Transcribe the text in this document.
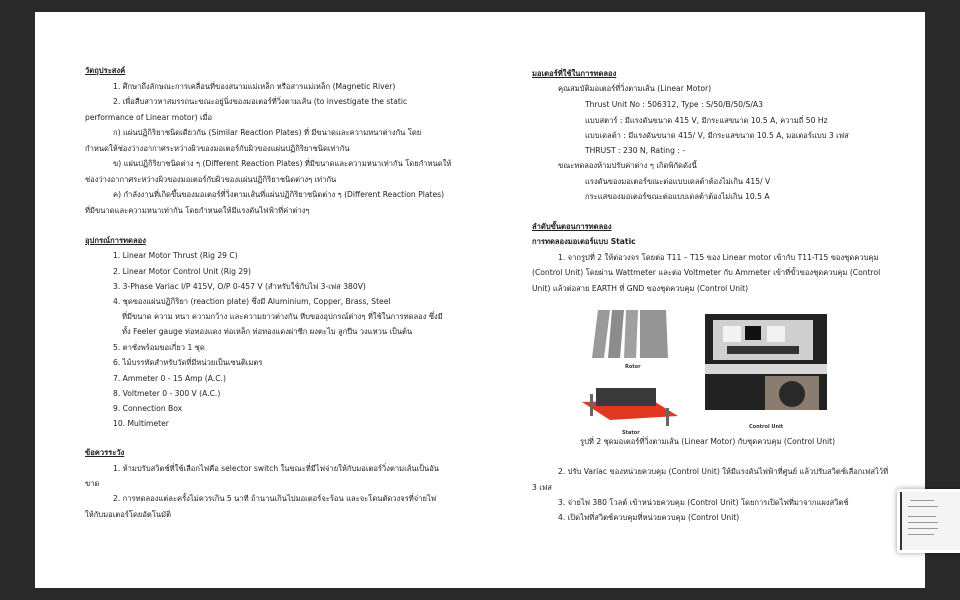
วัตถุประสงค์
1. ศึกษาถึงลักษณะการเคลื่อนที่ของสนามแม่เหล็ก หรือสารแม่เหล็ก (Magnetic River)
2. เพื่อสืบสาวหาสมรรถนะขณะอยู่นิ่งของมอเตอร์ที่วิ่งตามเส้น (to investigate the static
performance of Linear motor) เมื่อ
ก) แผ่นปฏิกิริยาชนิดเดียวกัน (Similar Reaction Plates) ที่ มีขนาดและความหนาต่างกัน โดย
กำหนดให้ช่องว่างอากาศระหว่างผิวของมอเตอร์กับผิวของแผ่นปฏิกิริยาชนิดเท่ากัน
ข) แผ่นปฏิกิริยาชนิดต่าง ๆ (Different Reaction Plates) ที่มีขนาดและความหนาเท่ากัน โดยกำหนดให้
ช่องว่างอากาศระหว่างผิวของมอเตอร์กับผิวของแผ่นปฏิกิริยาชนิดต่างๆ เท่ากัน
ค) กำลังงานที่เกิดขึ้นของมอเตอร์ที่วิ่งตามเส้นที่แผ่นปฏิกิริยาชนิดต่าง ๆ (Different Reaction Plates)
ที่มีขนาดและความหนาเท่ากัน โดยกำหนดให้มีแรงดันไฟฟ้าที่ค่าต่างๆ
อุปกรณ์การทดลอง
1. Linear Motor Thrust (Rig 29 C)
2. Linear Motor Control Unit (Rig 29)
3. 3-Phase Variac I/P 415V, O/P 0-457 V (สำหรับใช้กับไฟ 3-เฟส 380V)
4. ชุดของแผ่นปฏิกิริยา (reaction plate) ซึ่งมี Aluminium, Copper, Brass, Steel
ที่มีขนาด ความ หนา ความกว้าง และความยาวต่างกัน หีบของอุปกรณ์ต่างๆ ที่ใช้ในการทดลอง ซึ่งมี
ทั้ง Feeler gauge ท่อทองแดง ท่อเหล็ก ท่อทองแดงผ่าซีก ผงตะไบ ลูกปืน วงแหวน เป็นต้น
5. ตาชั่งพร้อมขอเกี่ยว 1 ชุด
6. ไม้บรรทัดสำหรับวัดที่มีหน่วยเป็นเซนติเมตร
7. Ammeter 0 - 15 Amp (A.C.)
8. Voltmeter 0 - 300 V (A.C.)
9. Connection Box
10. Multimeter
ข้อควรระวัง
1. ห้ามปรับสวิตช์ที่ใช้เลือกไฟคือ selector switch ในขณะที่มีไฟจ่ายให้กับมอเตอร์วิ่งตามเส้นเป็นอัน
ขาด
2. การทดลองแต่ละครั้งไม่ควรเกิน 5 นาที ถ้านานเกินไปมอเตอร์จะร้อน และจะโดนตัดวงจรที่จ่ายไฟ
ให้กับมอเตอร์โดยอัตโนมัติ
มอเตอร์ที่ใช้ในการทดลอง
คุณสมบัติมอเตอร์ที่วิ่งตามเส้น (Linear Motor)
Thrust Unit No : 506312, Type : S/50/B/50/S/A3
แบบสตาร์ : มีแรงดันขนาด 415 V, มีกระแสขนาด 10.5 A, ความถี่ 50 Hz
แบบเดลต้า : มีแรงดันขนาด 415/ V, มีกระแสขนาด 10.5 A, มอเตอร์แบบ 3 เฟส
THRUST : 230 N, Rating : -
ขณะทดลองห้ามปรับค่าต่าง ๆ เกิดพิกัดดังนี้
แรงดันของมอเตอร์ขณะต่อแบบเดลต้าต้องไม่เกิน 415/ V
กระแสของมอเตอร์ขณะต่อแบบเดลต้าต้องไม่เกิน 10.5 A
ลำดับขั้นตอนการทดลอง
การทดลองมอเตอร์แบบ Static
1. จากรูปที่ 2 ให้ต่อวงจร โดยต่อ T11 – T15 ของ Linear motor เข้ากับ T11-T15 ของชุดควบคุม
(Control Unit) โดยผ่าน Wattmeter และต่อ Voltmeter กับ Ammeter เข้าที่ขั้วของชุดควบคุม (Control
Unit) แล้วต่อสาย EARTH ที่ GND ของชุดควบคุม (Control Unit)
Rotor
Stator
Control Unit
รูปที่ 2 ชุดมอเตอร์ที่วิ่งตามเส้น (Linear Motor) กับชุดควบคุม (Control Unit)
2. ปรับ Variac ของหน่วยควบคุม (Control Unit) ให้มีแรงดันไฟฟ้าที่ศูนย์ แล้วปรับสวิตช์เลือกเฟสไว้ที่
3 เฟส
3. จ่ายไฟ 380 โวลต์ เข้าหน่วยควบคุม (Control Unit) โดยการเปิดไฟที่มาจากแผงสวิตช์
4. เปิดไฟที่สวิตช์ควบคุมที่หน่วยควบคุม (Control Unit)
